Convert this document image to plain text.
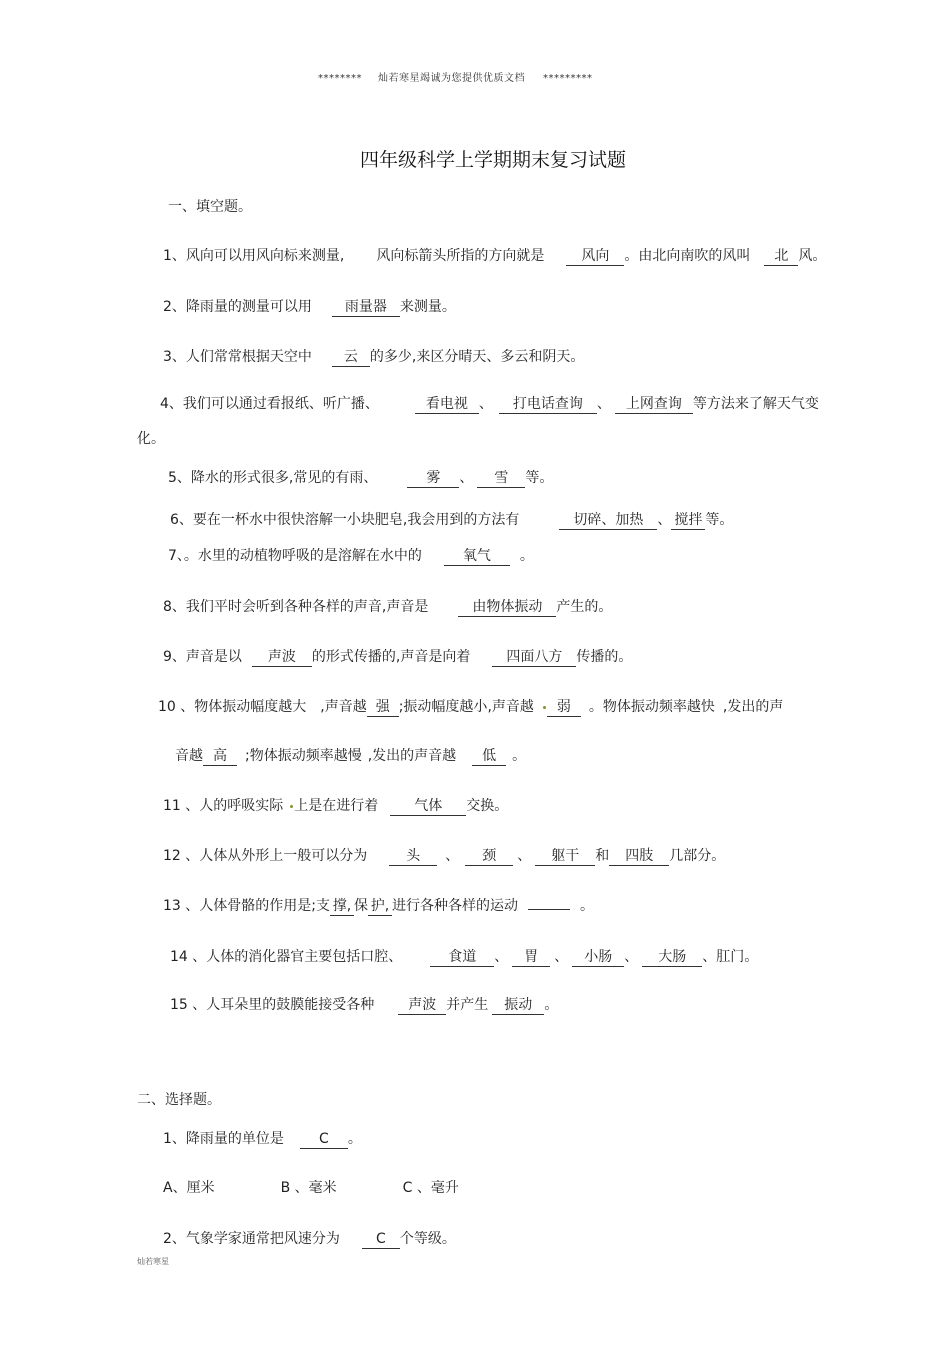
******** 灿若寒星竭诚为您提供优质文档 *********
四年级科学上学期期末复习试题
一、填空题。
1、风向可以用风向标来测量, 风向标箭头所指的方向就是	风向 。由北向南吹的风叫 北 风。
2、降雨量的测量可以用 雨量器 来测量。
3、人们常常根据天空中 云 的多少,来区分晴天、多云和阴天。
4、我们可以通过看报纸、听广播、	看电视 、 打电话查询 、 上网查询 等方法来了解天气变
化。
5、降水的形式很多,常见的有雨、	雾 、 雪 等。
6、要在一杯水中很快溶解一小块肥皂,我会用到的方法有	切碎、加热 、 搅拌 等。
7、。水里的动植物呼吸的是溶解在水中的	氧气 。
8、我们平时会听到各种各样的声音,声音是	由物体振动 产生的。
9、声音是以 声波 的形式传播的,声音是向着	四面八方 传播的。
10 、物体振动幅度越大 ,声音越 强 ;振动幅度越小,声音越 弱 。物体振动频率越快 ,发出的声
音越 高 ;物体振动频率越慢 ,发出的声音越 低 。
11 、人的呼吸实际 上是在进行着	气体 交换。
12 、人体从外形上一般可以分为	头 、 颈 、 躯干 和 四肢 几部分。
13 、人体骨骼的作用是;支 撑, 保 护, 进行各种各样的运动	。
14 、人体的消化器官主要包括口腔、	食道 、 胃 、 小肠 、 大肠 、肛门。
15 、人耳朵里的鼓膜能接受各种 声波 并产生 振动 。
二、选择题。
1、降雨量的单位是	C 。
A、厘米	B 、毫米	C 、毫升
2、气象学家通常把风速分为	C 个等级。
灿若寒星
